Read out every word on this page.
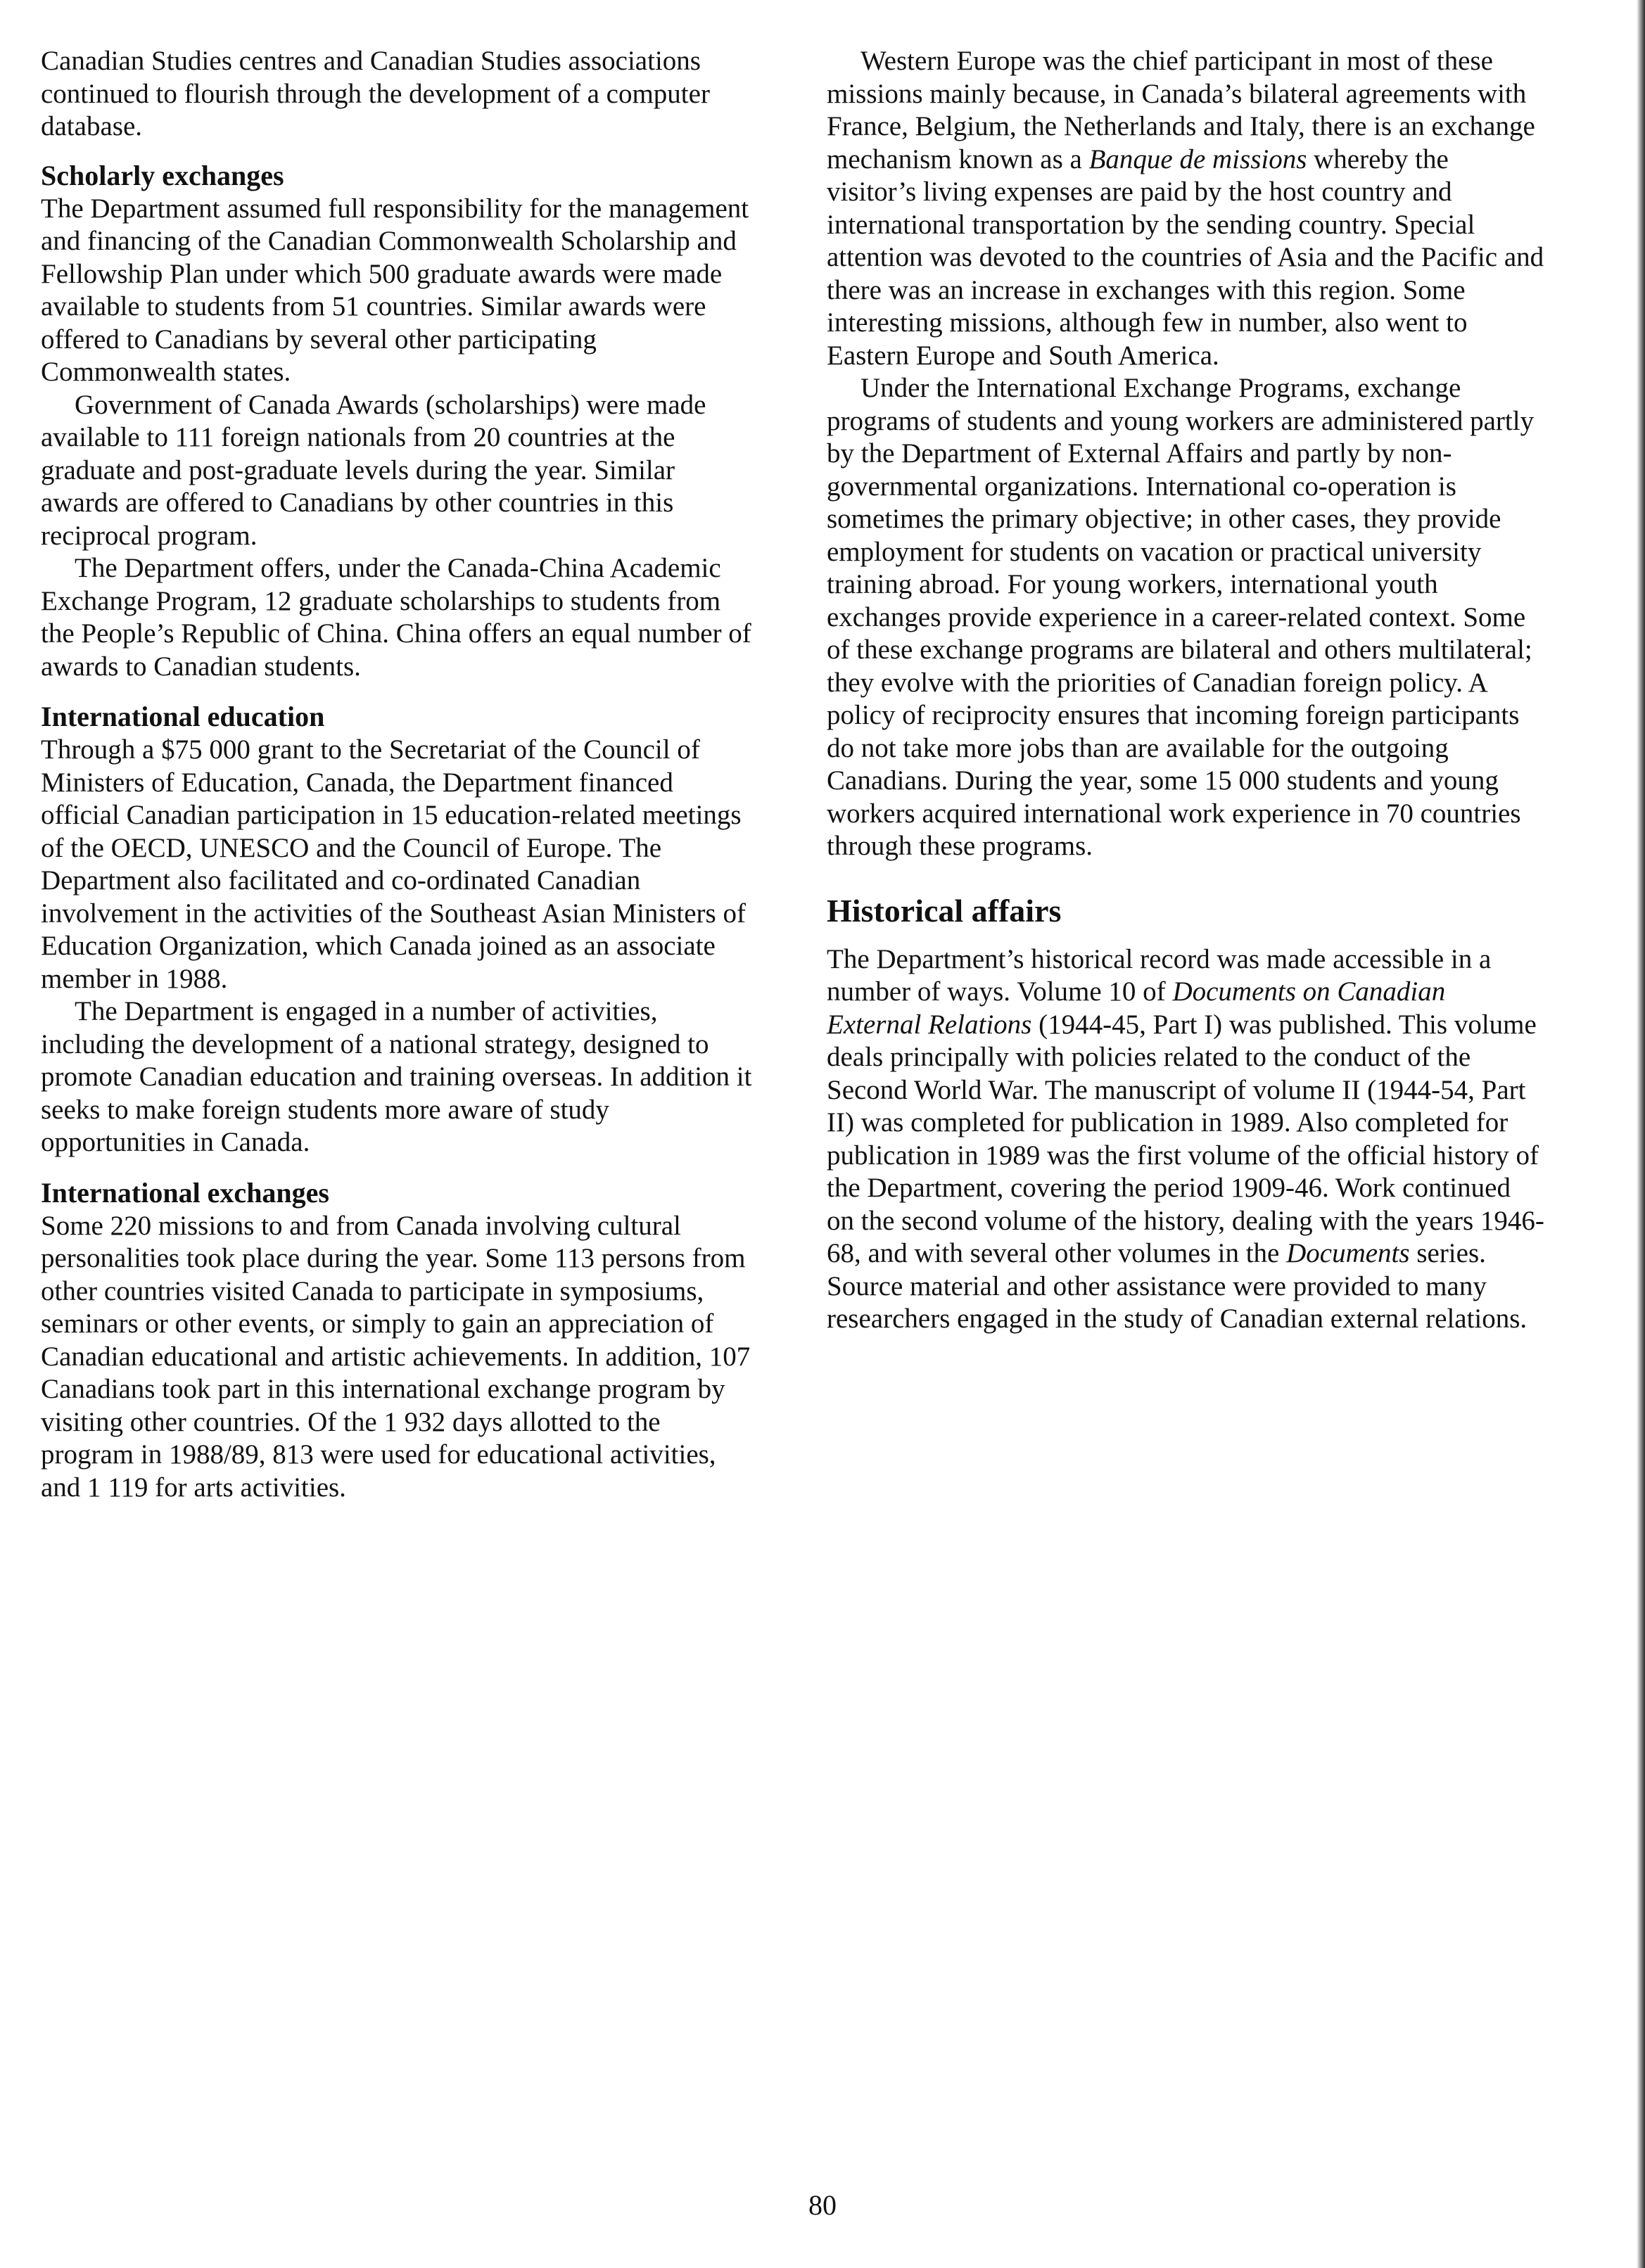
Canadian Studies centres and Canadian Studies associations continued to flourish through the development of a computer database.

Scholarly exchanges

The Department assumed full responsibility for the management and financing of the Canadian Commonwealth Scholarship and Fellowship Plan under which 500 graduate awards were made available to students from 51 countries. Similar awards were offered to Canadians by several other participating Commonwealth states.

Government of Canada Awards (scholarships) were made available to 111 foreign nationals from 20 countries at the graduate and post-graduate levels during the year. Similar awards are offered to Canadians by other countries in this reciprocal program.

The Department offers, under the Canada-China Academic Exchange Program, 12 graduate scholarships to students from the People’s Republic of China. China offers an equal number of awards to Canadian students.

International education

Through a $75 000 grant to the Secretariat of the Council of Ministers of Education, Canada, the Department financed official Canadian participation in 15 education-related meetings of the OECD, UNESCO and the Council of Europe. The Department also facilitated and co-ordinated Canadian involvement in the activities of the Southeast Asian Ministers of Education Organization, which Canada joined as an associate member in 1988.

The Department is engaged in a number of activities, including the development of a national strategy, designed to promote Canadian education and training overseas. In addition it seeks to make foreign students more aware of study opportunities in Canada.

International exchanges

Some 220 missions to and from Canada involving cultural personalities took place during the year. Some 113 persons from other countries visited Canada to participate in symposiums, seminars or other events, or simply to gain an appreciation of Canadian educational and artistic achievements. In addition, 107 Canadians took part in this international exchange program by visiting other countries. Of the 1 932 days allotted to the program in 1988/89, 813 were used for educational activities, and 1 119 for arts activities.

Western Europe was the chief participant in most of these missions mainly because, in Canada’s bilateral agreements with France, Belgium, the Netherlands and Italy, there is an exchange mechanism known as a Banque de missions whereby the visitor’s living expenses are paid by the host country and international transportation by the sending country. Special attention was devoted to the countries of Asia and the Pacific and there was an increase in exchanges with this region. Some interesting missions, although few in number, also went to Eastern Europe and South America.

Under the International Exchange Programs, exchange programs of students and young workers are administered partly by the Department of External Affairs and partly by non-governmental organizations. International co-operation is sometimes the primary objective; in other cases, they provide employment for students on vacation or practical university training abroad. For young workers, international youth exchanges provide experience in a career-related context. Some of these exchange programs are bilateral and others multilateral; they evolve with the priorities of Canadian foreign policy. A policy of reciprocity ensures that incoming foreign participants do not take more jobs than are available for the outgoing Canadians. During the year, some 15 000 students and young workers acquired international work experience in 70 countries through these programs.

Historical affairs

The Department’s historical record was made accessible in a number of ways. Volume 10 of Documents on Canadian External Relations (1944-45, Part I) was published. This volume deals principally with policies related to the conduct of the Second World War. The manuscript of volume II (1944-54, Part II) was completed for publication in 1989. Also completed for publication in 1989 was the first volume of the official history of the Department, covering the period 1909-46. Work continued on the second volume of the history, dealing with the years 1946-68, and with several other volumes in the Documents series. Source material and other assistance were provided to many researchers engaged in the study of Canadian external relations.

80
